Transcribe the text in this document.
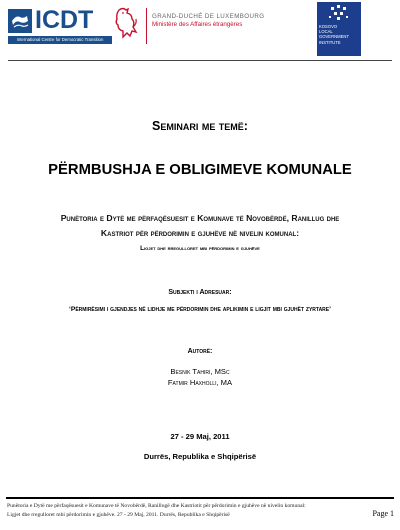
ICDT
International Centre for Democratic Transition
GRAND-DUCHÉ DE LUXEMBOURG
Ministère des Affaires étrangères	KOSOVO
LOCAL
GOVERNMENT
INSTITUTE
Seminari me temë:
PËRMBUSHJA E OBLIGIMEVE KOMUNALE
Punëtoria e Dytë me përfaqësuesit e Komunave të Novobërdë, Ranillug dhe
Kastriot për përdorimin e gjuhëve në nivelin komunal:
Ligjet dhe rregulloret mbi përdorimin e gjuhëve
Subjekti i Adresuar:
‘Përmirësimi i gjendjes në lidhje me përdorimin dhe aplikimin e ligjit mbi gjuhët zyrtare’
Autorë:
Besnik Tahiri, MSc
Fatmir Haxholli, MA
27 - 29 Maj, 2011
Durrës, Republika e Shqipërisë
Punëtoria e Dytë me përfaqësuesit e Komunave të Novobërdë, Ranillugë dhe Kastriotit për përdorimin e gjuhëve në nivelin komunal:
Ligjet dhe rregulloret mbi përdorimin e gjuhëve. 27 - 29 Maj, 2011. Durrës, Republika e Shqipërisë	Page 1
